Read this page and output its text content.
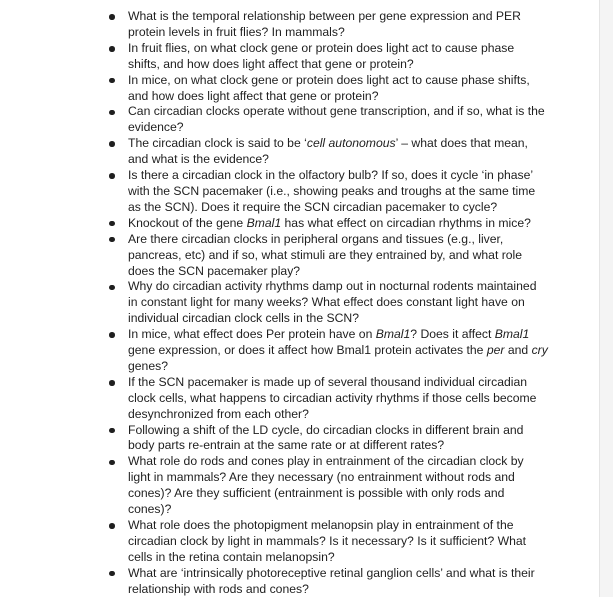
What is the temporal relationship between per gene expression and PER protein levels in fruit flies? In mammals?
In fruit flies, on what clock gene or protein does light act to cause phase shifts, and how does light affect that gene or protein?
In mice, on what clock gene or protein does light act to cause phase shifts, and how does light affect that gene or protein?
Can circadian clocks operate without gene transcription, and if so, what is the evidence?
The circadian clock is said to be ‘cell autonomous’ – what does that mean, and what is the evidence?
Is there a circadian clock in the olfactory bulb? If so, does it cycle ‘in phase’ with the SCN pacemaker (i.e., showing peaks and troughs at the same time as the SCN). Does it require the SCN circadian pacemaker to cycle?
Knockout of the gene Bmal1 has what effect on circadian rhythms in mice?
Are there circadian clocks in peripheral organs and tissues (e.g., liver, pancreas, etc) and if so, what stimuli are they entrained by, and what role does the SCN pacemaker play?
Why do circadian activity rhythms damp out in nocturnal rodents maintained in constant light for many weeks? What effect does constant light have on individual circadian clock cells in the SCN?
In mice, what effect does Per protein have on Bmal1? Does it affect Bmal1 gene expression, or does it affect how Bmal1 protein activates the per and cry genes?
If the SCN pacemaker is made up of several thousand individual circadian clock cells, what happens to circadian activity rhythms if those cells become desynchronized from each other?
Following a shift of the LD cycle, do circadian clocks in different brain and body parts re-entrain at the same rate or at different rates?
What role do rods and cones play in entrainment of the circadian clock by light in mammals? Are they necessary (no entrainment without rods and cones)? Are they sufficient (entrainment is possible with only rods and cones)?
What role does the photopigment melanopsin play in entrainment of the circadian clock by light in mammals? Is it necessary? Is it sufficient? What cells in the retina contain melanopsin?
What are ‘intrinsically photoreceptive retinal ganglion cells’ and what is their relationship with rods and cones?
